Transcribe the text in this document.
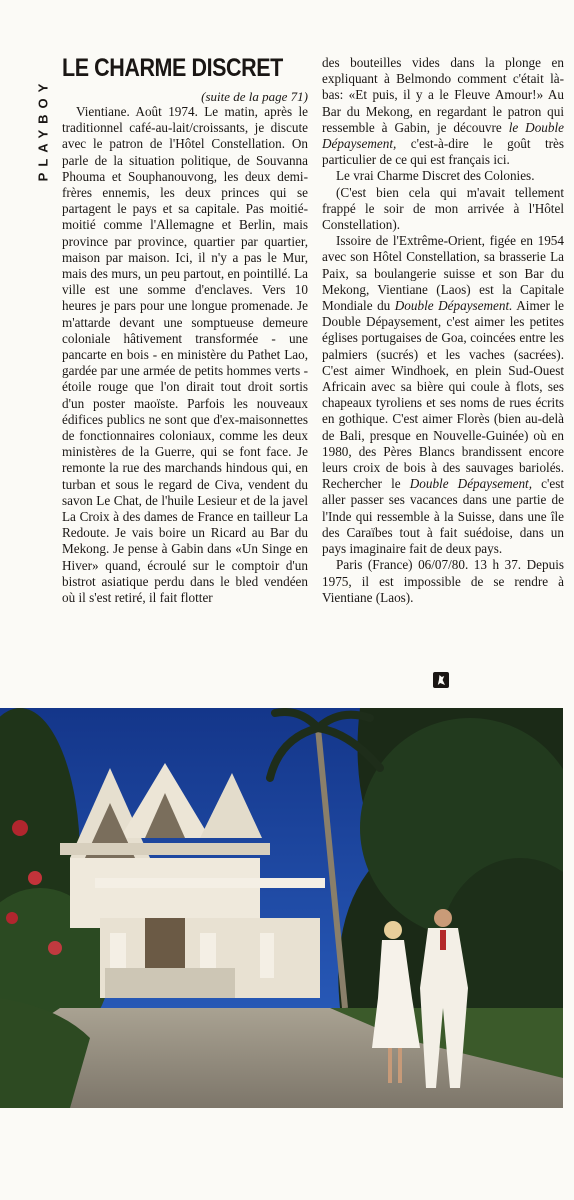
PLAYBOY
LE CHARME DISCRET
(suite de la page 71)

Vientiane. Août 1974. Le matin, après le traditionnel café-au-lait/croissants, je discute avec le patron de l'Hôtel Constellation. On parle de la situation politique, de Souvanna Phouma et Souphanouvong, les deux demi-frères ennemis, les deux princes qui se partagent le pays et sa capitale. Pas moitié-moitié comme l'Allemagne et Berlin, mais province par province, quartier par quartier, maison par maison. Ici, il n'y a pas le Mur, mais des murs, un peu partout, en pointillé. La ville est une somme d'enclaves. Vers 10 heures je pars pour une longue promenade. Je m'attarde devant une somptueuse demeure coloniale hâtivement transformée - une pancarte en bois - en ministère du Pathet Lao, gardée par une armée de petits hommes verts - étoile rouge que l'on dirait tout droit sortis d'un poster maoïste. Parfois les nouveaux édifices publics ne sont que d'ex-maisonnettes de fonctionnaires coloniaux, comme les deux ministères de la Guerre, qui se font face. Je remonte la rue des marchands hindous qui, en turban et sous le regard de Civa, vendent du savon Le Chat, de l'huile Lesieur et de la javel La Croix à des dames de France en tailleur La Redoute. Je vais boire un Ricard au Bar du Mekong. Je pense à Gabin dans «Un Singe en Hiver» quand, écroulé sur le comptoir d'un bistrot asiatique perdu dans le bled vendéen où il s'est retiré, il fait flotter

des bouteilles vides dans la plonge en expliquant à Belmondo comment c'était là-bas: «Et puis, il y a le Fleuve Amour!» Au Bar du Mekong, en regardant le patron qui ressemble à Gabin, je découvre le Double Dépaysement, c'est-à-dire le goût très particulier de ce qui est français ici.

Le vrai Charme Discret des Colonies.

(C'est bien cela qui m'avait tellement frappé le soir de mon arrivée à l'Hôtel Constellation).

Issoire de l'Extrême-Orient, figée en 1954 avec son Hôtel Constellation, sa brasserie La Paix, sa boulangerie suisse et son Bar du Mekong, Vientiane (Laos) est la Capitale Mondiale du Double Dépaysement. Aimer le Double Dépaysement, c'est aimer les petites églises portugaises de Goa, coincées entre les palmiers (sucrés) et les vaches (sacrées). C'est aimer Windhoek, en plein Sud-Ouest Africain avec sa bière qui coule à flots, ses chapeaux tyroliens et ses noms de rues écrits en gothique. C'est aimer Florès (bien au-delà de Bali, presque en Nouvelle-Guinée) où en 1980, des Pères Blancs brandissent encore leurs croix de bois à des sauvages bariolés. Rechercher le Double Dépaysement, c'est aller passer ses vacances dans une partie de l'Inde qui ressemble à la Suisse, dans une île des Caraïbes tout à fait suédoise, dans un pays imaginaire fait de deux pays.

Paris (France) 06/07/80. 13 h 37. Depuis 1975, il est impossible de se rendre à Vientiane (Laos).
